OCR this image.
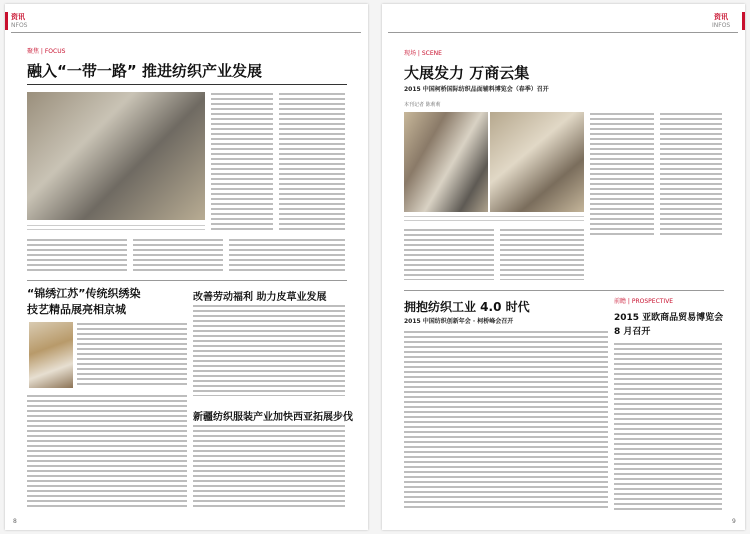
资讯
NFOS
聚焦 | FOCUS
融入“一带一路” 推进纺织产业发展
“锦绣江苏”传统织绣染
技艺精品展亮相京城
改善劳动福利 助力皮草业发展
新疆纺织服装产业加快西亚拓展步伐
8
资讯
INFOS
现场 | SCENE
大展发力 万商云集
2015 中国柯桥国际纺织品面辅料博览会（春季）召开
本刊记者 陈莉莉
拥抱纺织工业 4.0 时代
2015 中国纺织创新年会 · 柯桥峰会召开
前瞻 | PROSPECTIVE
2015 亚欧商品贸易博览会
8 月召开
9
